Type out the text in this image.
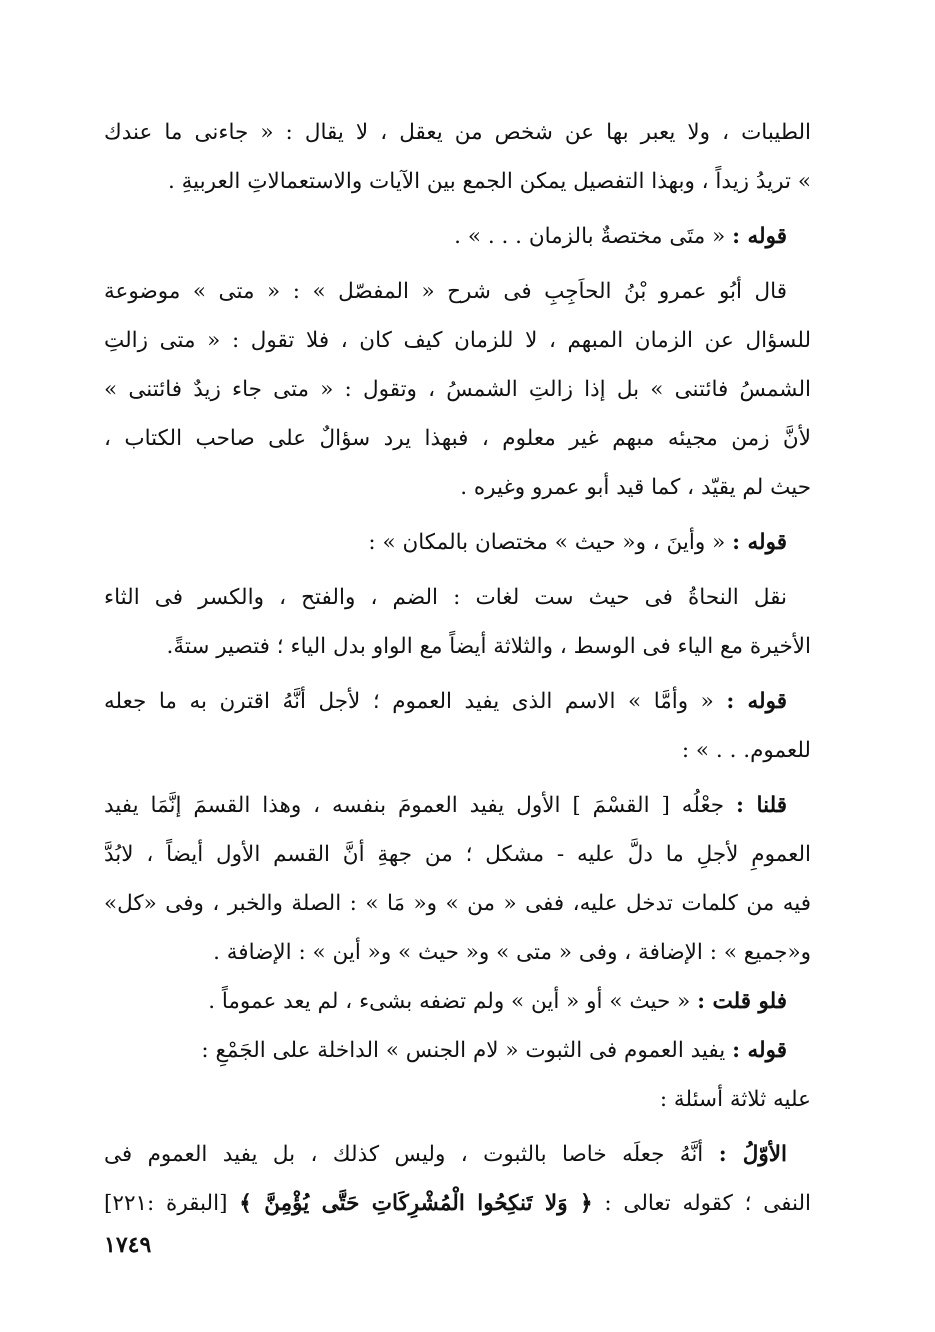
الطيبات ، ولا يعبر بها عن شخص من يعقل ، لا يقال : « جاءنى ما عندك
» تريدُ زيداً ، وبهذا التفصيل يمكن الجمع بين الآيات والاستعمالاتِ العربيةِ .
قوله : « متَى مختصةٌ بالزمان . . . » .
قال أبُو عمرو بْنُ الحاَجِبِ فى شرح « المفصّل » : « متى » موضوعة
للسؤال عن الزمان المبهم ، لا للزمان كيف كان ، فلا تقول : « متى زالتِ
الشمسُ فائتنى » بل إذا زالتِ الشمسُ ، وتقول : « متى جاء زيدٌ فائتنى »
لأنَّ زمن مجيئه مبهم غير معلوم ، فبهذا يرد سؤالٌ على صاحب الكتاب ،
حيث لم يقيّد ، كما قيد أبو عمرو وغيره .
قوله : « وأينَ ، و« حيث » مختصان بالمكان » :
نقل النحاةُ فى حيث ست لغات : الضم ، والفتح ، والكسر فى الثاء
الأخيرة مع الياء فى الوسط ، والثلاثة أيضاً مع الواو بدل الياء ؛ فتصير ستةً.
قوله : « وأمَّا » الاسم الذى يفيد العموم ؛ لأجل أنَّهُ اقترن به ما جعله
للعموم. . . » :
قلنا : جعْلُه [ القسْمَ ] الأول يفيد العمومَ بنفسه ، وهذا القسمَ إنَّمَا يفيد
العمومِ لأجلِ ما دلَّ عليه - مشكل ؛ من جهةِ أنَّ القسم الأول أيضاً ، لابُدَّ
فيه من كلمات تدخل عليه، ففى « من » و« مَا » : الصلة والخبر ، وفى «كل»
و«جميع » : الإضافة ، وفى « متى » و« حيث » و« أين » : الإضافة .
فلو قلت : « حيث » أو « أين » ولم تضفه بشىء ، لم يعد عموماً .
قوله : يفيد العموم فى الثبوت « لام الجنس » الداخلة على الجَمْعِ :
عليه ثلاثة أسئلة :
الأوّلُ : أنَّهُ جعلَه خاصا بالثبوت ، وليس كذلك ، بل يفيد العموم فى
النفى ؛ كقوله تعالى : ﴿ وَلا تَنكِحُوا الْمُشْرِكَاتِ حَتَّى يُؤْمِنَّ ﴾ [البقرة :٢٢١]
١٧٤٩
